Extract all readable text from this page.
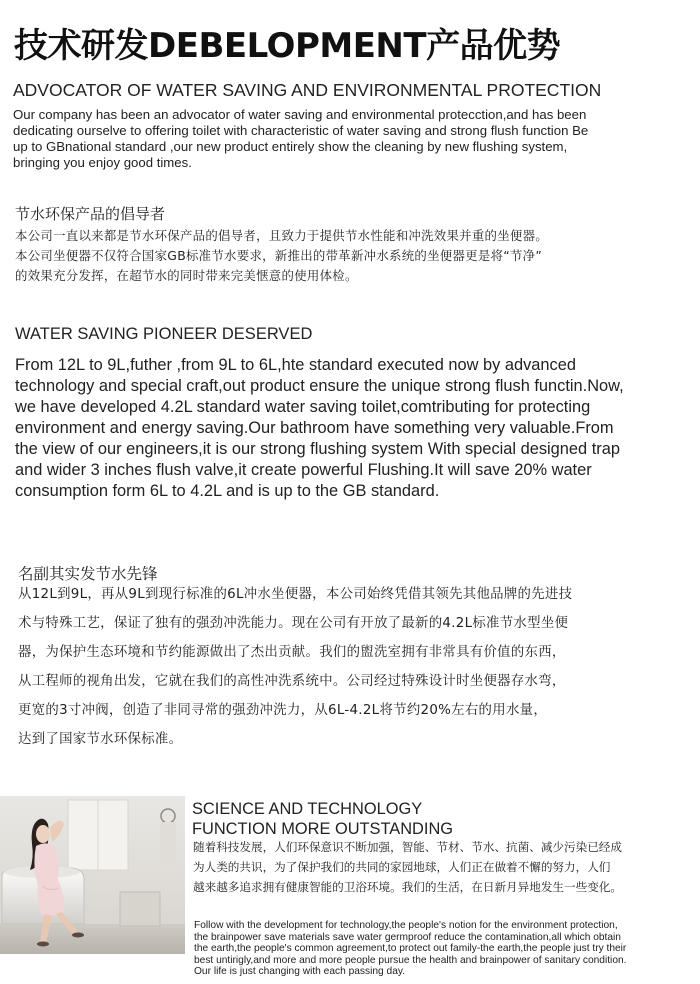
技术研发DEBELOPMENT产品优势
ADVOCATOR OF WATER SAVING AND ENVIRONMENTAL PROTECTION
Our company has been an advocator of water saving and environmental protecction,and has been
dedicating ourselve to offering toilet with characteristic of water saving and strong flush function Be
up to GBnational standard ,our new product entirely show the cleaning by new flushing system,
bringing you enjoy good times.
节水环保产品的倡导者
本公司一直以来都是节水环保产品的倡导者，且致力于提供节水性能和冲洗效果并重的坐便器。
本公司坐便器不仅符合国家GB标准节水要求，新推出的带革新冲水系统的坐便器更是将“节净”
的效果充分发挥，在超节水的同时带来完美惬意的使用体检。
WATER SAVING PIONEER DESERVED
From 12L to 9L,futher ,from 9L to 6L,hte standard executed now by advanced
technology and special craft,out product ensure the unique strong flush functin.Now,
we have developed 4.2L standard water saving toilet,comtributing for protecting
environment and energy saving.Our bathroom have something very valuable.From
the view of our engineers,it is our strong flushing system With special designed trap
and wider 3 inches flush valve,it create powerful Flushing.It will save 20% water
consumption form 6L to 4.2L and is up to the GB standard.
名副其实发节水先锋
从12L到9L，再从9L到现行标准的6L冲水坐便器，本公司始终凭借其领先其他品牌的先进技
术与特殊工艺，保证了独有的强劲冲洗能力。现在公司有开放了最新的4.2L标准节水型坐便
器，为保护生态环境和节约能源做出了杰出贡献。我们的盥洗室拥有非常具有价值的东西，
从工程师的视角出发，它就在我们的高性冲洗系统中。公司经过特殊设计时坐便器存水弯，
更宽的3寸冲阀，创造了非同寻常的强劲冲洗力，从6L-4.2L将节约20%左右的用水量，
达到了国家节水环保标准。
SCIENCE AND TECHNOLOGY
FUNCTION MORE OUTSTANDING
随着科技发展，人们环保意识不断加强，智能、节材、节水、抗菌、减少污染已经成
为人类的共识，为了保护我们的共同的家园地球，人们正在做着不懈的努力，人们
越来越多追求拥有健康智能的卫浴环境。我们的生活，在日新月异地发生一些变化。
Follow with the development for technology,the people's notion for the environment protection,
the brainpower save materials save water germproof reduce the contamination,all which obtain
the earth,the people's common agreement,to protect out family-the earth,the people just try their
best untirigly,and more and more people pursue the health and brainpower of sanitary condition.
Our life is just changing with each passing day.
